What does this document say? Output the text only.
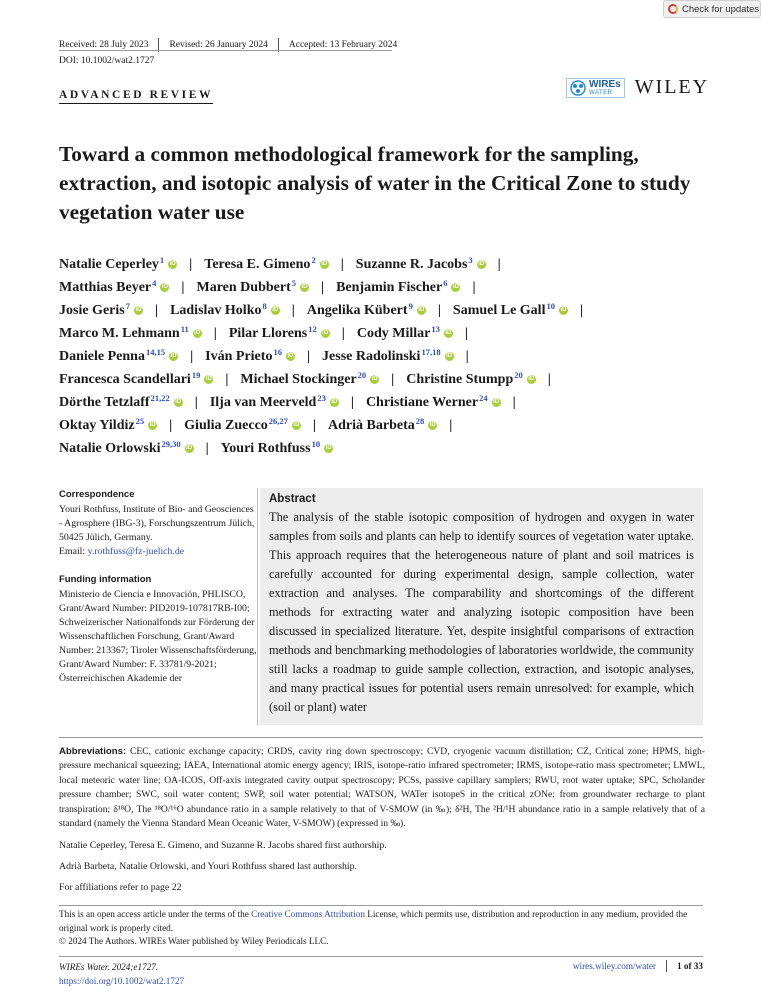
Check for updates
Received: 28 July 2023 Revised: 26 January 2024 Accepted: 13 February 2024
DOI: 10.1002/wat2.1727
ADVANCED REVIEW
WIREs
WATER	WILEY
Toward a common methodological framework for the sampling, extraction, and isotopic analysis of water in the Critical Zone to study vegetation water use
Natalie Ceperley$^1$ iD | Teresa E. Gimeno$^2$ iD | Suzanne R. Jacobs$^3$ iD |
Matthias Beyer$^4$ iD | Maren Dubbert$^5$ iD | Benjamin Fischer$^6$ iD |
Josie Geris$^7$ iD | Ladislav Holko$^8$ iD | Angelika Kübert$^9$ iD | Samuel Le Gall$^{10}$ iD |
Marco M. Lehmann$^{11}$ iD | Pilar Llorens$^{12}$ iD | Cody Millar$^{13}$ iD |
Daniele Penna$^{14,15}$ iD | Iván Prieto$^{16}$ iD | Jesse Radolinski$^{17,18}$ iD |
Francesca Scandellari$^{19}$ iD | Michael Stockinger$^{20}$ iD | Christine Stumpp$^{20}$ iD |
Dörthe Tetzlaff$^{21,22}$ iD | Ilja van Meerveld$^{23}$ iD | Christiane Werner$^{24}$ iD |
Oktay Yildiz$^{25}$ iD | Giulia Zuecco$^{26,27}$ iD | Adrià Barbeta$^{28}$ iD |
Natalie Orlowski$^{29,30}$ iD | Youri Rothfuss$^{10}$ iD
Correspondence
Youri Rothfuss, Institute of Bio- and Geosciences - Agrosphere (IBG-3), Forschungszentrum Jülich, 50425 Jülich, Germany.
Email: y.rothfuss@fz-juelich.de
Funding information
Ministerio de Ciencia e Innovación, PHLISCO, Grant/Award Number: PID2019-107817RB-I00; Schweizerischer Nationalfonds zur Förderung der Wissenschaftlichen Forschung, Grant/Award Number: 213367; Tiroler Wissenschaftsförderung, Grant/Award Number: F. 33781/9-2021; Österreichischen Akademie der
Abstract

The analysis of the stable isotopic composition of hydrogen and oxygen in water samples from soils and plants can help to identify sources of vegetation water uptake. This approach requires that the heterogeneous nature of plant and soil matrices is carefully accounted for during experimental design, sample collection, water extraction and analyses. The comparability and shortcomings of the different methods for extracting water and analyzing isotopic composition have been discussed in specialized literature. Yet, despite insightful comparisons of extraction methods and benchmarking methodologies of laboratories worldwide, the community still lacks a roadmap to guide sample collection, extraction, and isotopic analyses, and many practical issues for potential users remain unresolved: for example, which (soil or plant) water

Abbreviations: CEC, cationic exchange capacity; CRDS, cavity ring down spectroscopy; CVD, cryogenic vacuum distillation; CZ, Critical zone; HPMS, high-pressure mechanical squeezing; IAEA, International atomic energy agency; IRIS, isotope-ratio infrared spectrometer; IRMS, isotope-ratio mass spectrometer; LMWL, local meteoric water line; OA-ICOS, Off-axis integrated cavity output spectroscopy; PCSs, passive capillary samplers; RWU, root water uptake; SPC, Scholander pressure chamber; SWC, soil water content; SWP, soil water potential; WATSON, WATer isotopeS in the critical zONe: from groundwater recharge to plant transpiration; δ¹⁸O, The ¹⁸O/¹⁶O abundance ratio in a sample relatively to that of V-SMOW (in ‰); δ²H, The ²H/¹H abundance ratio in a sample relatively that of a standard (namely the Vienna Standard Mean Oceanic Water, V-SMOW) (expressed in ‰).
Natalie Ceperley, Teresa E. Gimeno, and Suzanne R. Jacobs shared first authorship.
Adrià Barbeta, Natalie Orlowski, and Youri Rothfuss shared last authorship.
For affiliations refer to page 22
This is an open access article under the terms of the Creative Commons Attribution License, which permits use, distribution and reproduction in any medium, provided the original work is properly cited.
© 2024 The Authors. WIREs Water published by Wiley Periodicals LLC.
WIREs Water. 2024;e1727.
https://doi.org/10.1002/wat2.1727
wires.wiley.com/water 1 of 33
